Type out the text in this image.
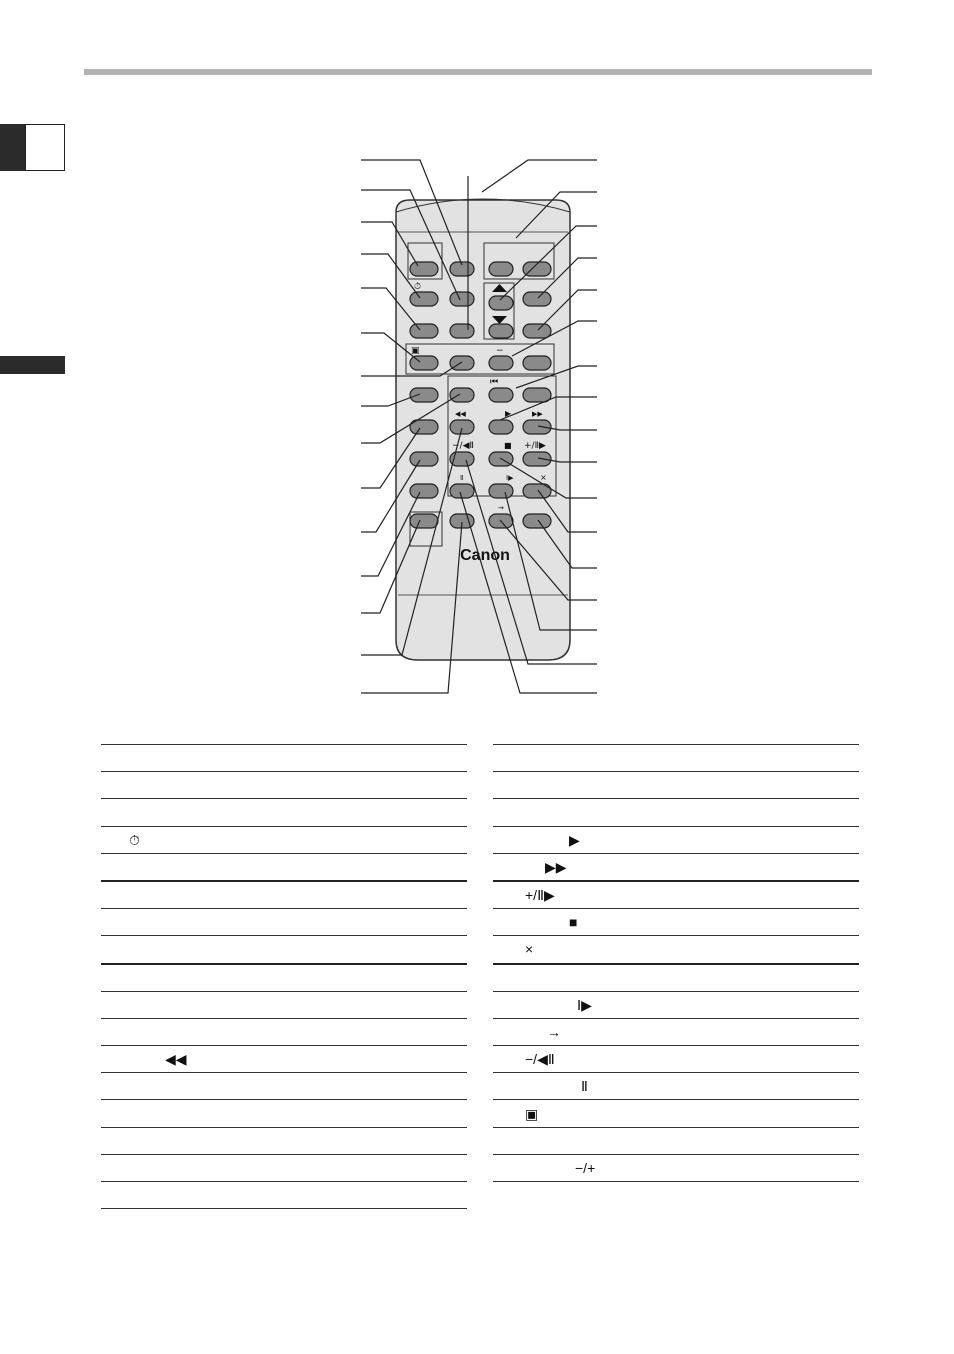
⏱
▣	−
⏮
◀◀	▶	▶▶
−/◀Ⅱ	■ +/Ⅱ▶
Ⅱ	Ⅰ▶	×
→
Canon
⏱
◀◀
▶
▶▶
+/Ⅱ▶
■
×
Ⅰ▶
→
−/◀Ⅱ
Ⅱ
▣
−/+
